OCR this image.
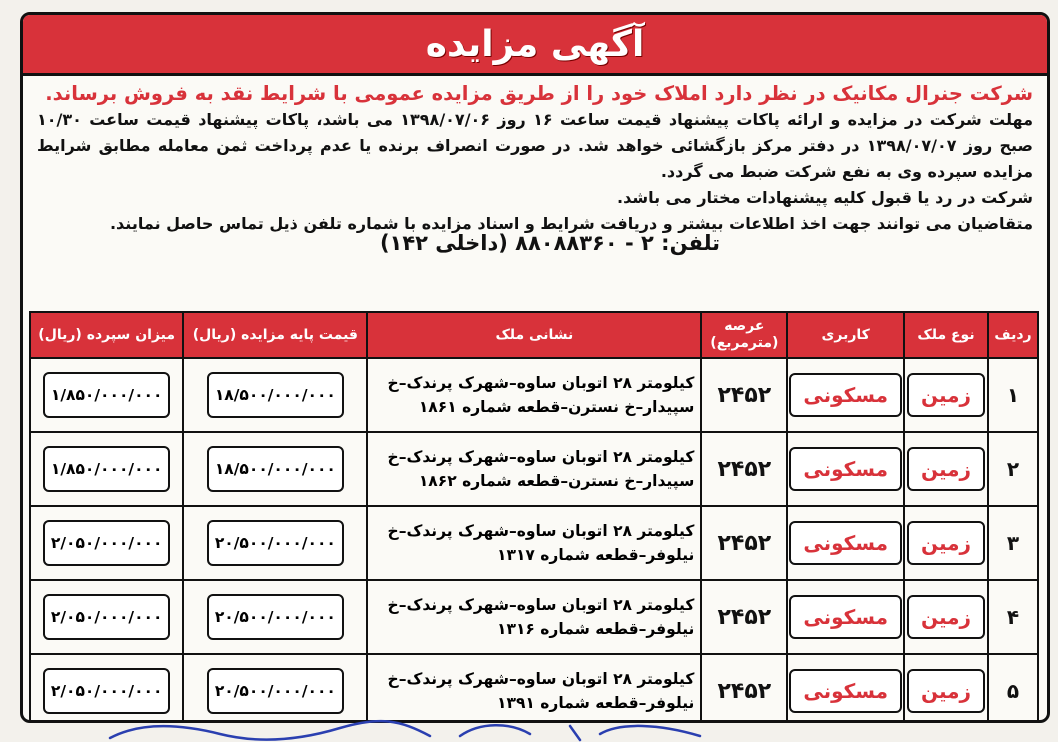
آگهی مزایده
شرکت جنرال مکانیک در نظر دارد املاک خود را از طریق مزایده عمومی با شرایط نقد به فروش برساند.
مهلت شرکت در مزایده و ارائه پاکات پیشنهاد قیمت ساعت ۱۶ روز ۱۳۹۸/۰۷/۰۶ می باشد، پاکات پیشنهاد قیمت ساعت ۱۰/۳۰ صبح روز ۱۳۹۸/۰۷/۰۷ در دفتر مرکز بازگشائی خواهد شد. در صورت انصراف برنده یا عدم پرداخت ثمن معامله مطابق شرایط مزایده سپرده وی به نفع شرکت ضبط می گردد.
شرکت در رد یا قبول کلیه پیشنهادات مختار می باشد.
متقاضیان می توانند جهت اخذ اطلاعات بیشتر و دریافت شرایط و اسناد مزایده با شماره تلفن ذیل تماس حاصل نمایند.
تلفن: ۲ - ۸۸۰۸۸۳۶۰ (داخلی ۱۴۲)
ردیف	نوع ملک	کاربری	عرصه (مترمربع)	نشانی ملک	قیمت پایه مزایده (ریال)	میزان سپرده (ریال)
۱	زمین	مسکونی	۲۴۵۲	کیلومتر ۲۸ اتوبان ساوه–شهرک پرندک–خ سپیدار–خ نسترن–قطعه شماره ۱۸۶۱	۱۸/۵۰۰/۰۰۰/۰۰۰	۱/۸۵۰/۰۰۰/۰۰۰
۲	زمین	مسکونی	۲۴۵۲	کیلومتر ۲۸ اتوبان ساوه–شهرک پرندک–خ سپیدار–خ نسترن–قطعه شماره ۱۸۶۲	۱۸/۵۰۰/۰۰۰/۰۰۰	۱/۸۵۰/۰۰۰/۰۰۰
۳	زمین	مسکونی	۲۴۵۲	کیلومتر ۲۸ اتوبان ساوه–شهرک پرندک–خ نیلوفر–قطعه شماره ۱۳۱۷	۲۰/۵۰۰/۰۰۰/۰۰۰	۲/۰۵۰/۰۰۰/۰۰۰
۴	زمین	مسکونی	۲۴۵۲	کیلومتر ۲۸ اتوبان ساوه–شهرک پرندک–خ نیلوفر–قطعه شماره ۱۳۱۶	۲۰/۵۰۰/۰۰۰/۰۰۰	۲/۰۵۰/۰۰۰/۰۰۰
۵	زمین	مسکونی	۲۴۵۲	کیلومتر ۲۸ اتوبان ساوه–شهرک پرندک–خ نیلوفر–قطعه شماره ۱۳۹۱	۲۰/۵۰۰/۰۰۰/۰۰۰	۲/۰۵۰/۰۰۰/۰۰۰
